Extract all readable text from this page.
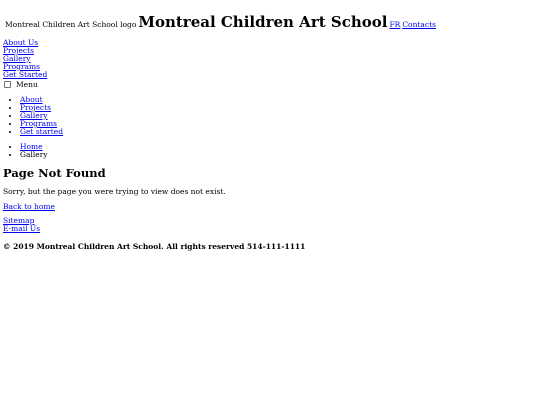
Montreal Children Art School logo Montreal Children Art School FR Contacts
About Us
Projects
Gallery
Programs
Get Started
Menu
• About
• Projects
• Gallery
• Programs
• Get started
• Home
• Gallery
Page Not Found

Sorry, but the page you were trying to view does not exist.

Back to home
Sitemap
E-mail Us

© 2019 Montreal Children Art School. All rights reserved 514-111-1111
